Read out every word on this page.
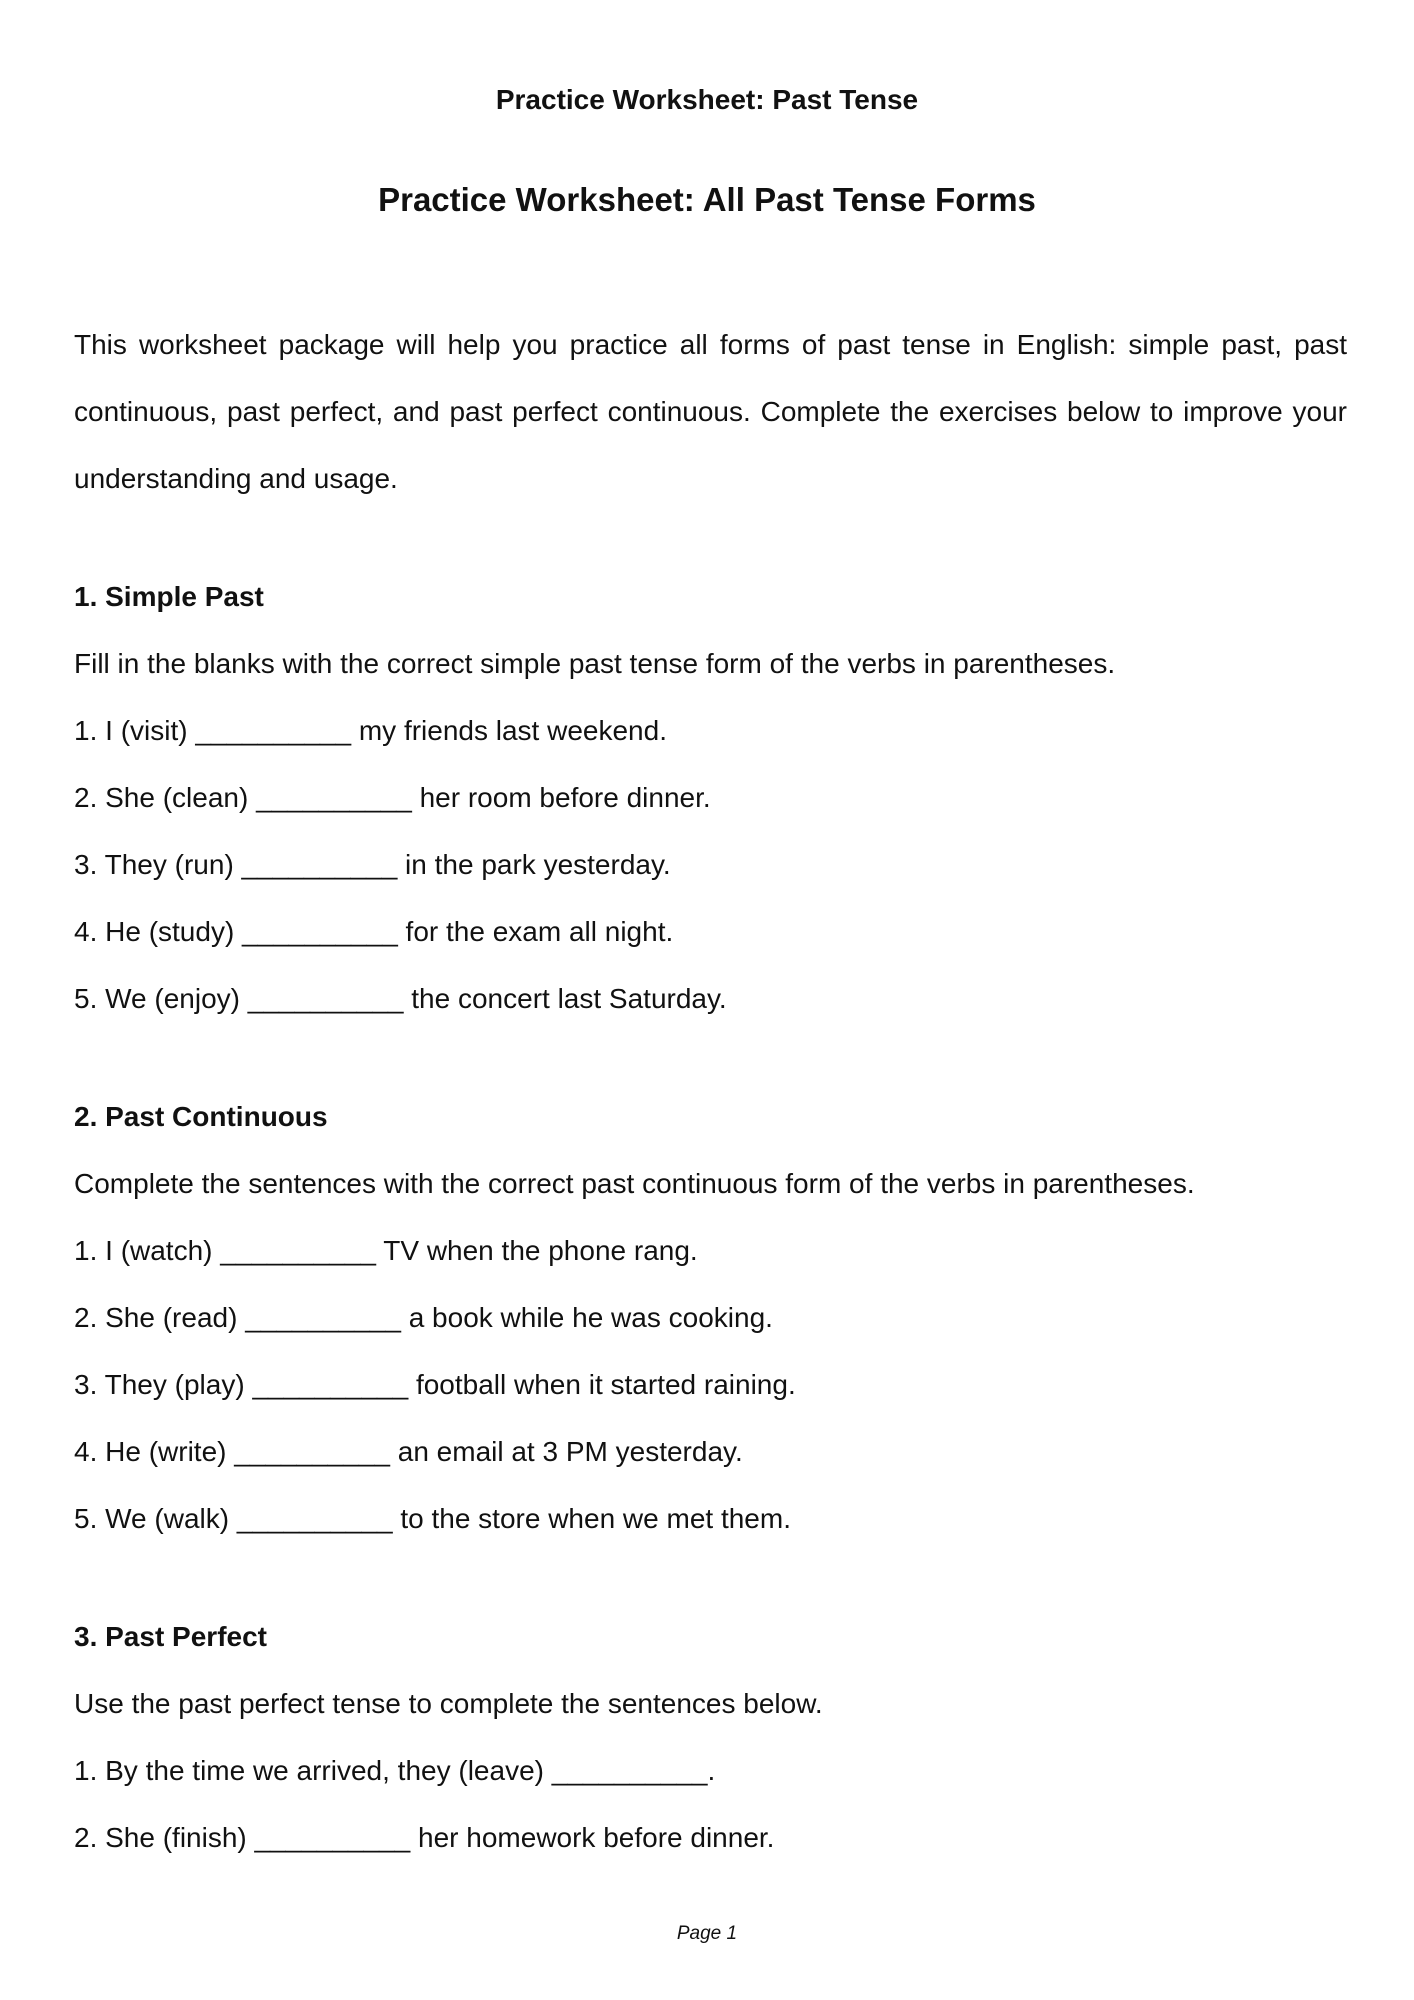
Practice Worksheet: Past Tense
Practice Worksheet: All Past Tense Forms

This worksheet package will help you practice all forms of past tense in English: simple past, past continuous, past perfect, and past perfect continuous. Complete the exercises below to improve your understanding and usage.

1. Simple Past

Fill in the blanks with the correct simple past tense form of the verbs in parentheses.

1. I (visit) __________ my friends last weekend.
2. She (clean) __________ her room before dinner.
3. They (run) __________ in the park yesterday.
4. He (study) __________ for the exam all night.
5. We (enjoy) __________ the concert last Saturday.
2. Past Continuous

Complete the sentences with the correct past continuous form of the verbs in parentheses.

1. I (watch) __________ TV when the phone rang.
2. She (read) __________ a book while he was cooking.
3. They (play) __________ football when it started raining.
4. He (write) __________ an email at 3 PM yesterday.
5. We (walk) __________ to the store when we met them.
3. Past Perfect

Use the past perfect tense to complete the sentences below.

1. By the time we arrived, they (leave) __________.
2. She (finish) __________ her homework before dinner.
Page 1
